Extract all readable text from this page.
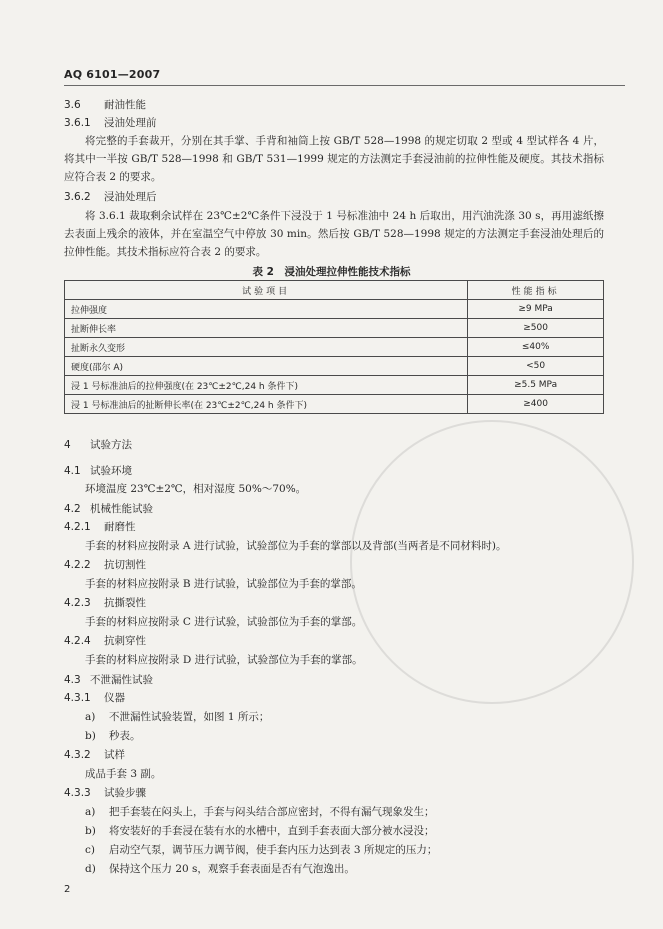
AQ 6101—2007
3.6 耐油性能
3.6.1 浸油处理前
将完整的手套裁开，分别在其手掌、手背和袖筒上按 GB/T 528—1998 的规定切取 2 型或 4 型试样各 4 片，将其中一半按 GB/T 528—1998 和 GB/T 531—1999 规定的方法测定手套浸油前的拉伸性能及硬度。其技术指标应符合表 2 的要求。
3.6.2 浸油处理后
将 3.6.1 裁取剩余试样在 23℃±2℃条件下浸没于 1 号标准油中 24 h 后取出，用汽油洗涤 30 s，再用滤纸擦去表面上残余的液体，并在室温空气中停放 30 min。然后按 GB/T 528—1998 规定的方法测定手套浸油处理后的拉伸性能。其技术指标应符合表 2 的要求。
表 2　浸油处理拉伸性能技术指标
试验项目	性能指标
拉伸强度	≥9 MPa
扯断伸长率	≥500
扯断永久变形	≤40%
硬度(邵尔 A)	<50
浸 1 号标准油后的拉伸强度(在 23℃±2℃,24 h 条件下)	≥5.5 MPa
浸 1 号标准油后的扯断伸长率(在 23℃±2℃,24 h 条件下)	≥400
4 试验方法
4.1 试验环境
环境温度 23℃±2℃，相对湿度 50%～70%。
4.2 机械性能试验
4.2.1 耐磨性
手套的材料应按附录 A 进行试验，试验部位为手套的掌部以及背部(当两者是不同材料时)。
4.2.2 抗切割性
手套的材料应按附录 B 进行试验，试验部位为手套的掌部。
4.2.3 抗撕裂性
手套的材料应按附录 C 进行试验，试验部位为手套的掌部。
4.2.4 抗刺穿性
手套的材料应按附录 D 进行试验，试验部位为手套的掌部。
4.3 不泄漏性试验
4.3.1 仪器
a) 不泄漏性试验装置，如图 1 所示；
b) 秒表。
4.3.2 试样
成品手套 3 副。
4.3.3 试验步骤
a) 把手套装在闷头上，手套与闷头结合部应密封，不得有漏气现象发生；
b) 将安装好的手套浸在装有水的水槽中，直到手套表面大部分被水浸没；
c) 启动空气泵，调节压力调节阀，使手套内压力达到表 3 所规定的压力；
d) 保持这个压力 20 s，观察手套表面是否有气泡逸出。
2
